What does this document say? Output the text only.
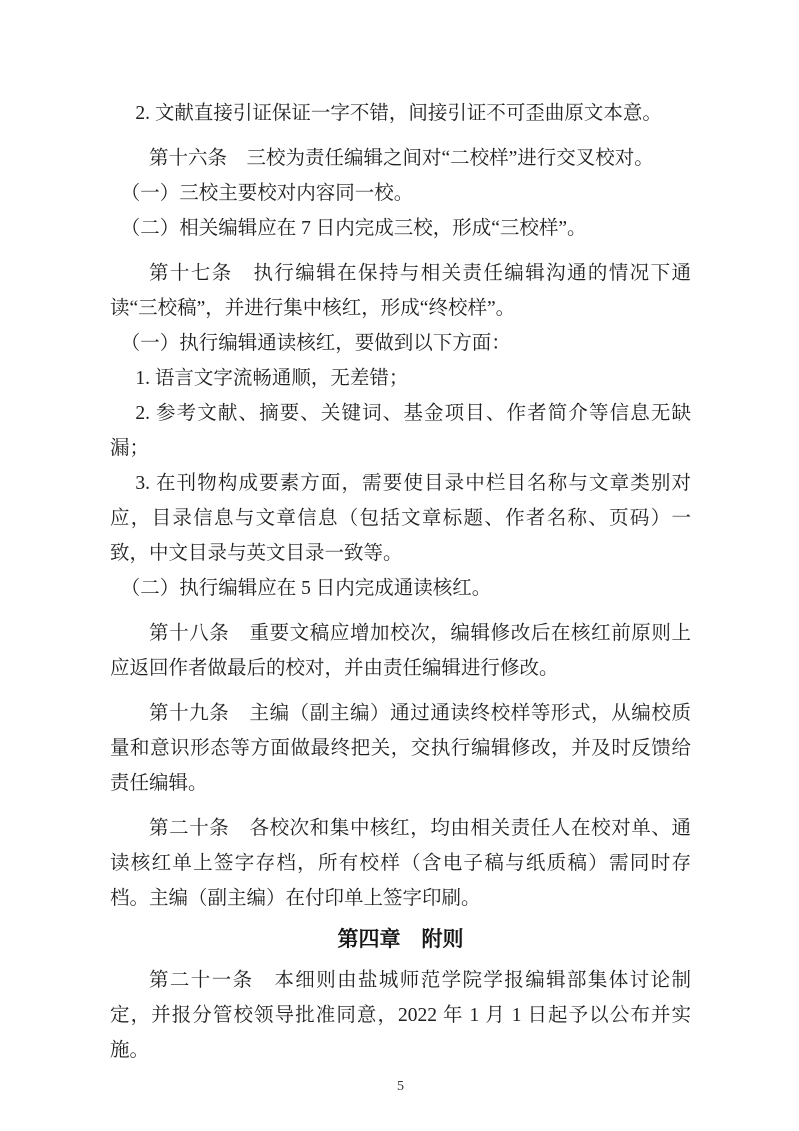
2. 文献直接引证保证一字不错，间接引证不可歪曲原文本意。

第十六条　三校为责任编辑之间对“二校样”进行交叉校对。

（一）三校主要校对内容同一校。

（二）相关编辑应在 7 日内完成三校，形成“三校样”。

第十七条　执行编辑在保持与相关责任编辑沟通的情况下通读“三校稿”，并进行集中核红，形成“终校样”。

（一）执行编辑通读核红，要做到以下方面：

1. 语言文字流畅通顺，无差错；

2. 参考文献、摘要、关键词、基金项目、作者简介等信息无缺漏；

3. 在刊物构成要素方面，需要使目录中栏目名称与文章类别对应，目录信息与文章信息（包括文章标题、作者名称、页码）一致，中文目录与英文目录一致等。

（二）执行编辑应在 5 日内完成通读核红。

第十八条　重要文稿应增加校次，编辑修改后在核红前原则上应返回作者做最后的校对，并由责任编辑进行修改。

第十九条　主编（副主编）通过通读终校样等形式，从编校质量和意识形态等方面做最终把关，交执行编辑修改，并及时反馈给责任编辑。

第二十条　各校次和集中核红，均由相关责任人在校对单、通读核红单上签字存档，所有校样（含电子稿与纸质稿）需同时存档。主编（副主编）在付印单上签字印刷。

第四章　附则

第二十一条　本细则由盐城师范学院学报编辑部集体讨论制定，并报分管校领导批准同意，2022 年 1 月 1 日起予以公布并实施。

5
